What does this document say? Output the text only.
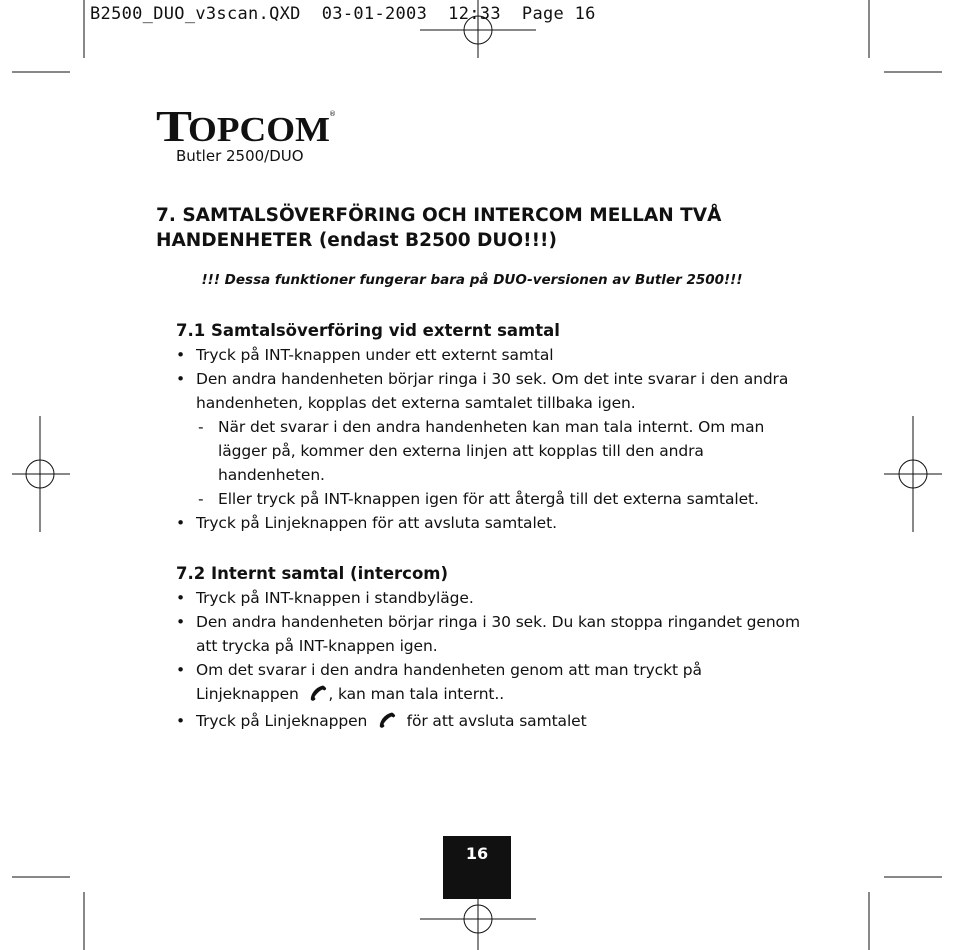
B2500_DUO_v3scan.QXD  03-01-2003  12:33  Page 16
T
OPCOM ®
Butler 2500/DUO
7. SAMTALSÖVERFÖRING OCH INTERCOM MELLAN TVÅ
HANDENHETER (endast B2500 DUO!!!)
!!! Dessa funktioner fungerar bara på DUO-versionen av Butler 2500!!!
7.1 Samtalsöverföring vid externt samtal
• Tryck på INT-knappen under ett externt samtal
• Den andra handenheten börjar ringa i 30 sek. Om det inte svarar i den andra handenheten, kopplas det externa samtalet tillbaka igen.
- När det svarar i den andra handenheten kan man tala internt. Om man lägger på, kommer den externa linjen att kopplas till den andra handenheten.
- Eller tryck på INT-knappen igen för att återgå till det externa samtalet.
• Tryck på Linjeknappen för att avsluta samtalet.
7.2 Internt samtal (intercom)
• Tryck på INT-knappen i standbyläge.
• Den andra handenheten börjar ringa i 30 sek. Du kan stoppa ringandet genom att trycka på INT-knappen igen.
• Om det svarar i den andra handenheten genom att man tryckt på Linjeknappen  , kan man tala internt..
• Tryck på Linjeknappen    för att avsluta samtalet
16
